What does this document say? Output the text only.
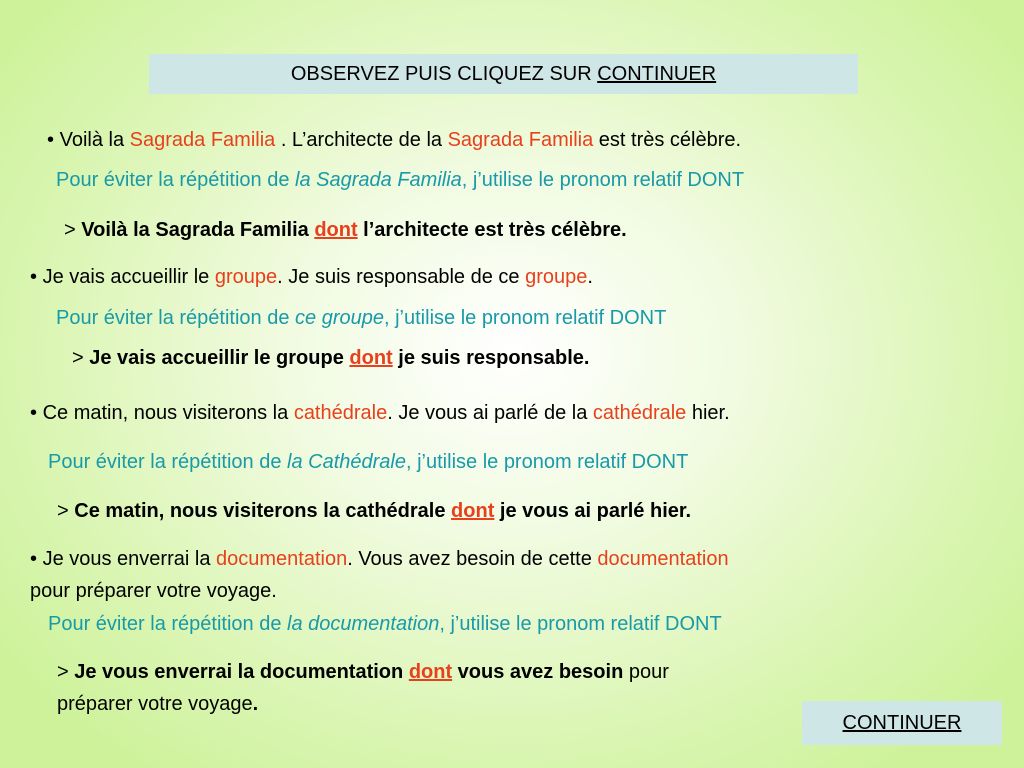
OBSERVEZ PUIS CLIQUEZ SUR CONTINUER
• Voilà la Sagrada Familia . L’architecte de la Sagrada Familia est très célèbre.
Pour éviter la répétition de la Sagrada Familia, j’utilise le pronom relatif DONT
> Voilà la Sagrada Familia dont l’architecte est très célèbre.
• Je vais accueillir le groupe. Je suis responsable de ce groupe.
Pour éviter la répétition de ce groupe, j’utilise le pronom relatif DONT
> Je vais accueillir le groupe dont je suis responsable.
• Ce matin, nous visiterons la cathédrale. Je vous ai parlé de la cathédrale hier.
Pour éviter la répétition de la Cathédrale, j’utilise le pronom relatif DONT
> Ce matin, nous visiterons la cathédrale dont je vous ai parlé hier.
• Je vous enverrai la documentation. Vous avez besoin de cette documentation
pour préparer votre voyage.
Pour éviter la répétition de la documentation, j’utilise le pronom relatif DONT
> Je vous enverrai la documentation dont vous avez besoin pour
préparer votre voyage.
CONTINUER
